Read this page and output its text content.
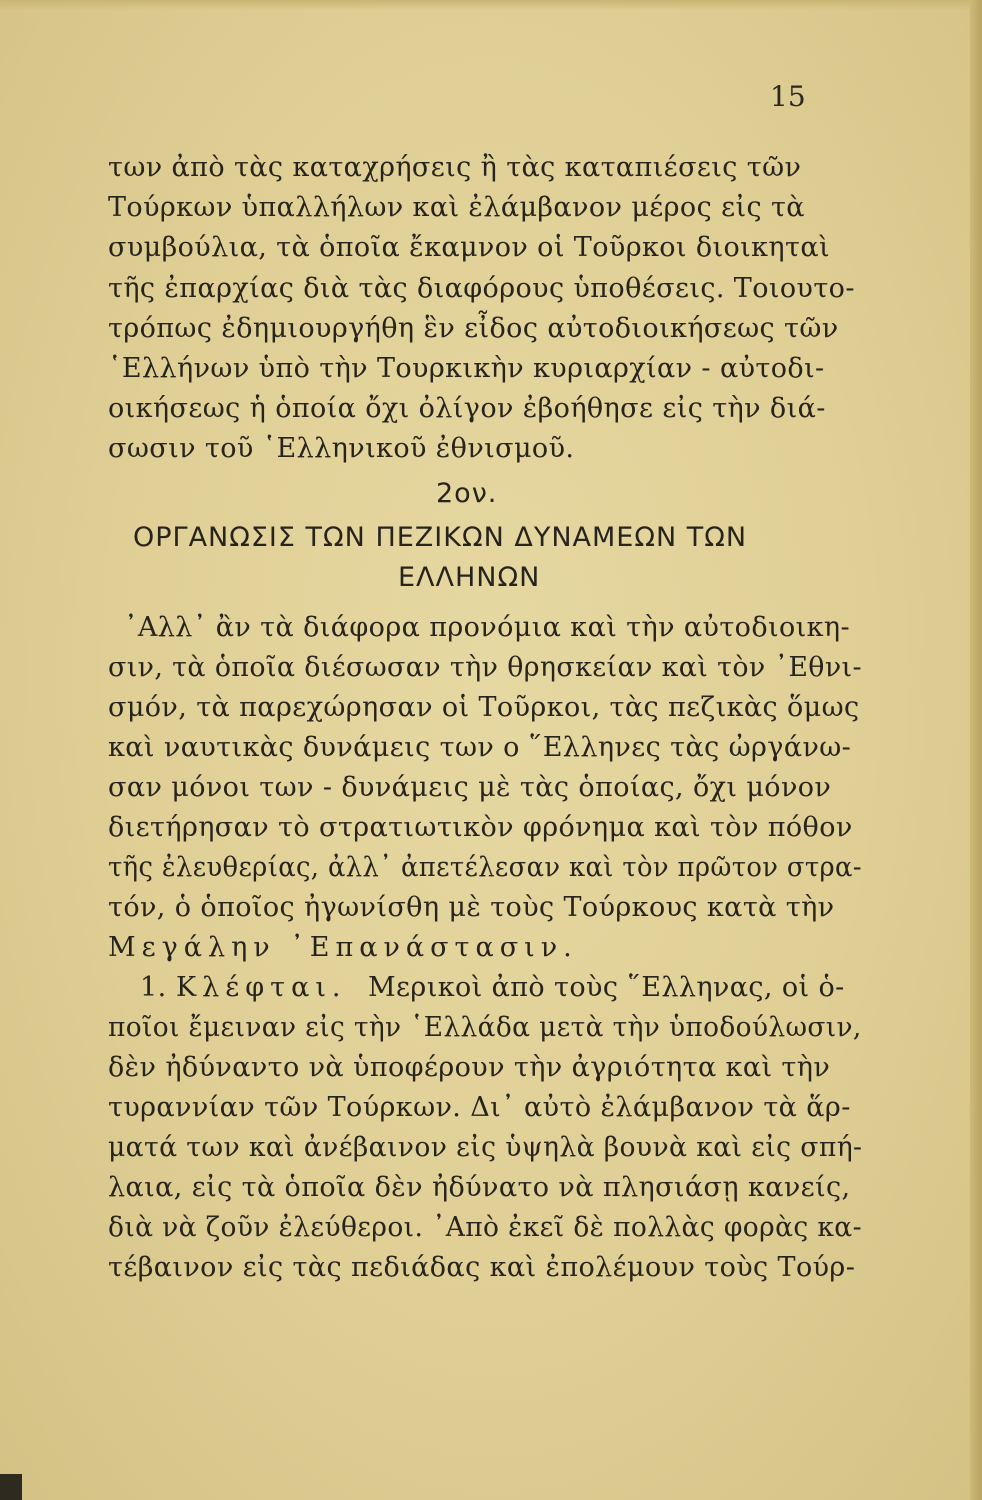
15
των ἀπὸ τὰς καταχρήσεις ἢ τὰς καταπιέσεις τῶν
Τούρκων ὑπαλλήλων καὶ ἐλάμβανον μέρος εἰς τὰ
συμβούλια, τὰ ὁποῖα ἔκαμνον οἱ Τοῦρκοι διοικηταὶ
τῆς ἐπαρχίας διὰ τὰς διαφόρους ὑποθέσεις. Τοιουτο-
τρόπως ἐδημιουργήθη ἓν εἶδος αὐτοδιοικήσεως τῶν
῾Ελλήνων ὑπὸ τὴν Τουρκικὴν κυριαρχίαν - αὐτοδι-
οικήσεως ἡ ὁποία ὄχι ὀλίγον ἐβοήθησε εἰς τὴν διά-
σωσιν τοῦ ῾Ελληνικοῦ ἐθνισμοῦ.
2ον.
ΟΡΓΑΝΩΣΙΣ ΤΩΝ ΠΕΖΙΚΩΝ ΔΥΝΑΜΕΩΝ ΤΩΝ
ΕΛΛΗΝΩΝ
᾿Αλλ᾿ ἂν τὰ διάφορα προνόμια καὶ τὴν αὐτοδιοικη-
σιν, τὰ ὁποῖα διέσωσαν τὴν θρησκείαν καὶ τὸν ᾿Εθνι-
σμόν, τὰ παρεχώρησαν οἱ Τοῦρκοι, τὰς πεζικὰς ὅμως
καὶ ναυτικὰς δυνάμεις των ο ῞Ελληνες τὰς ὠργάνω-
σαν μόνοι των - δυνάμεις μὲ τὰς ὁποίας, ὄχι μόνον
διετήρησαν τὸ στρατιωτικὸν φρόνημα καὶ τὸν πόθον
τῆς ἐλευθερίας, ἀλλ᾿ ἀπετέλεσαν καὶ τὸν πρῶτον στρα-
τόν, ὁ ὁποῖος ἠγωνίσθη μὲ τοὺς Τούρκους κατὰ τὴν
Μεγάλην ᾿Επανάστασιν.
1. Κλέφται. Μερικοὶ ἀπὸ τοὺς ῞Ελληνας, οἱ ὁ-
ποῖοι ἔμειναν εἰς τὴν ῾Ελλάδα μετὰ τὴν ὑποδούλωσιν,
δὲν ἠδύναντο νὰ ὑποφέρουν τὴν ἀγριότητα καὶ τὴν
τυραννίαν τῶν Τούρκων. Δι᾿ αὐτὸ ἐλάμβανον τὰ ἅρ-
ματά των καὶ ἀνέβαινον εἰς ὑψηλὰ βουνὰ καὶ εἰς σπή-
λαια, εἰς τὰ ὁποῖα δὲν ἠδύνατο νὰ πλησιάσῃ κανείς,
διὰ νὰ ζοῦν ἐλεύθεροι. ᾿Απὸ ἐκεῖ δὲ πολλὰς φορὰς κα-
τέβαινον εἰς τὰς πεδιάδας καὶ ἐπολέμουν τοὺς Τούρ-
